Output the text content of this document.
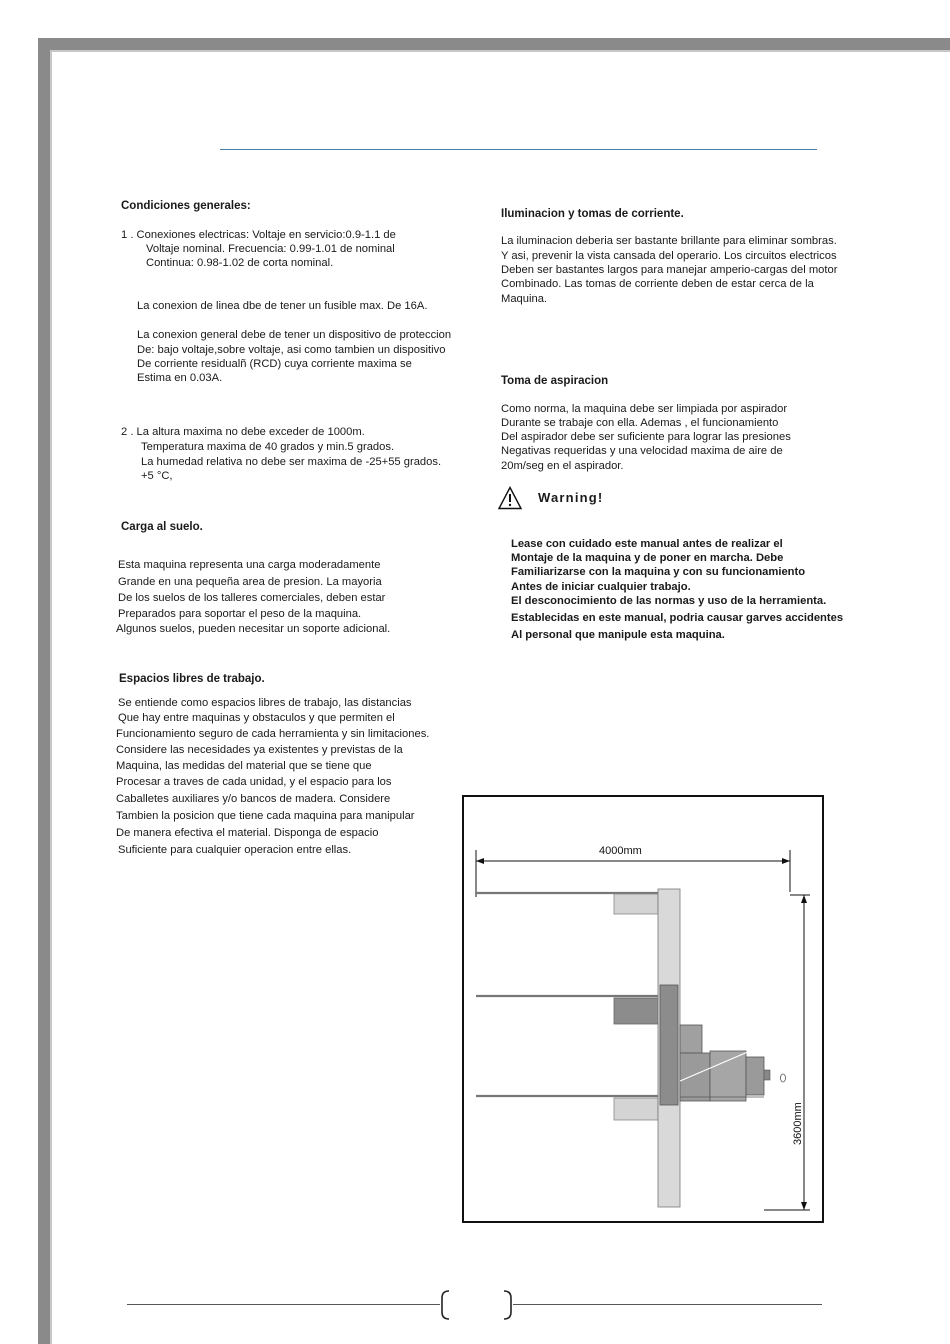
Condiciones generales:
1 . Conexiones electricas: Voltaje en servicio:0.9-1.1 de
Voltaje nominal. Frecuencia: 0.99-1.01 de nominal
Continua: 0.98-1.02 de corta nominal.
La conexion de linea dbe de tener un fusible max. De 16A.
La conexion general debe de tener un dispositivo de proteccion
De: bajo voltaje,sobre voltaje, asi como tambien un dispositivo
De corriente residualñ (RCD) cuya corriente maxima se
Estima en 0.03A.
2 . La altura maxima no debe exceder de 1000m.
Temperatura maxima de 40 grados y min.5 grados.
La humedad relativa no debe ser maxima de -25+55 grados.
+5 °C,
Carga al suelo.
Esta maquina representa una carga moderadamente
Grande en una pequeña area de presion. La mayoria
De los suelos de los talleres comerciales, deben estar
Preparados para soportar el peso de la maquina.
Algunos suelos, pueden necesitar un soporte adicional.
Espacios libres de trabajo.
Se entiende como espacios libres de trabajo, las distancias
Que hay entre maquinas y obstaculos y que permiten el
Funcionamiento seguro de cada herramienta y sin limitaciones.
Considere las necesidades ya existentes y previstas de la
Maquina, las medidas del material que se tiene que
Procesar a traves de cada unidad, y el espacio para los
Caballetes auxiliares y/o bancos de madera. Considere
Tambien la posicion que tiene cada maquina para manipular
De manera efectiva el material. Disponga de espacio
Suficiente para cualquier operacion entre ellas.
Iluminacion y tomas de corriente.
La iluminacion deberia ser bastante brillante para eliminar sombras.
Y asi, prevenir la vista cansada del operario. Los circuitos electricos
Deben ser bastantes largos para manejar amperio-cargas del motor
Combinado. Las tomas de corriente deben de estar cerca de la
Maquina.
Toma de aspiracion
Como norma, la maquina debe ser limpiada por aspirador
Durante se trabaje con ella. Ademas , el funcionamiento
Del aspirador debe ser suficiente para lograr las presiones
Negativas requeridas y una velocidad maxima de aire de
20m/seg en el aspirador.
Warning!
Lease con cuidado este manual antes de realizar el
Montaje de la maquina y de poner en marcha. Debe
Familiarizarse con la maquina y con su funcionamiento
Antes de iniciar cualquier trabajo.
El desconocimiento de las normas y uso de la herramienta.
Establecidas en este manual, podria causar garves accidentes
Al personal que manipule esta maquina.
4000mm
3600mm
